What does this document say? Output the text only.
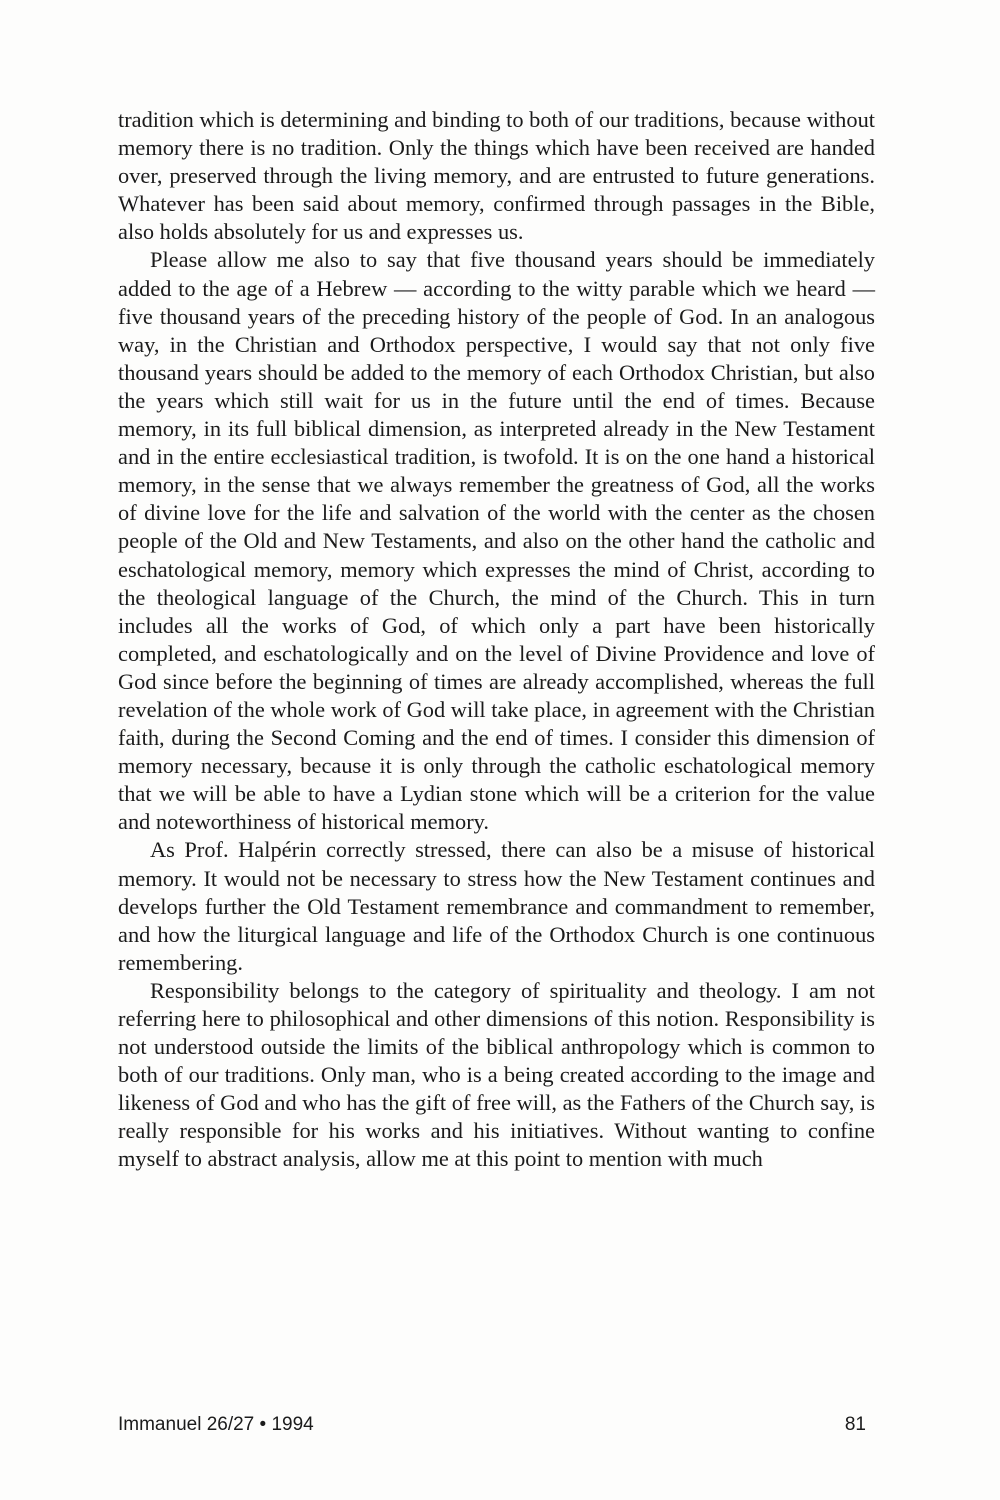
tradition which is determining and binding to both of our traditions, because without memory there is no tradition. Only the things which have been received are handed over, preserved through the living memory, and are entrusted to future generations. Whatever has been said about memory, confirmed through passages in the Bible, also holds absolutely for us and expresses us.

Please allow me also to say that five thousand years should be immediately added to the age of a Hebrew — according to the witty parable which we heard — five thousand years of the preceding history of the people of God. In an analogous way, in the Christian and Orthodox perspective, I would say that not only five thousand years should be added to the memory of each Orthodox Christian, but also the years which still wait for us in the future until the end of times. Because memory, in its full biblical dimension, as interpreted already in the New Testament and in the entire ecclesiastical tradition, is twofold. It is on the one hand a historical memory, in the sense that we always remember the greatness of God, all the works of divine love for the life and salvation of the world with the center as the chosen people of the Old and New Testaments, and also on the other hand the catholic and eschatological memory, memory which expresses the mind of Christ, according to the theological language of the Church, the mind of the Church. This in turn includes all the works of God, of which only a part have been historically completed, and eschatologically and on the level of Divine Providence and love of God since before the beginning of times are already accomplished, whereas the full revelation of the whole work of God will take place, in agreement with the Christian faith, during the Second Coming and the end of times. I consider this dimension of memory necessary, because it is only through the catholic eschatological memory that we will be able to have a Lydian stone which will be a criterion for the value and noteworthiness of historical memory.

As Prof. Halpérin correctly stressed, there can also be a misuse of historical memory. It would not be necessary to stress how the New Testament continues and develops further the Old Testament remembrance and commandment to remember, and how the liturgical language and life of the Orthodox Church is one continuous remembering.

Responsibility belongs to the category of spirituality and theology. I am not referring here to philosophical and other dimensions of this notion. Responsibility is not understood outside the limits of the biblical anthropology which is common to both of our traditions. Only man, who is a being created according to the image and likeness of God and who has the gift of free will, as the Fathers of the Church say, is really responsible for his works and his initiatives. Without wanting to confine myself to abstract analysis, allow me at this point to mention with much

Immanuel 26/27 • 1994	81
